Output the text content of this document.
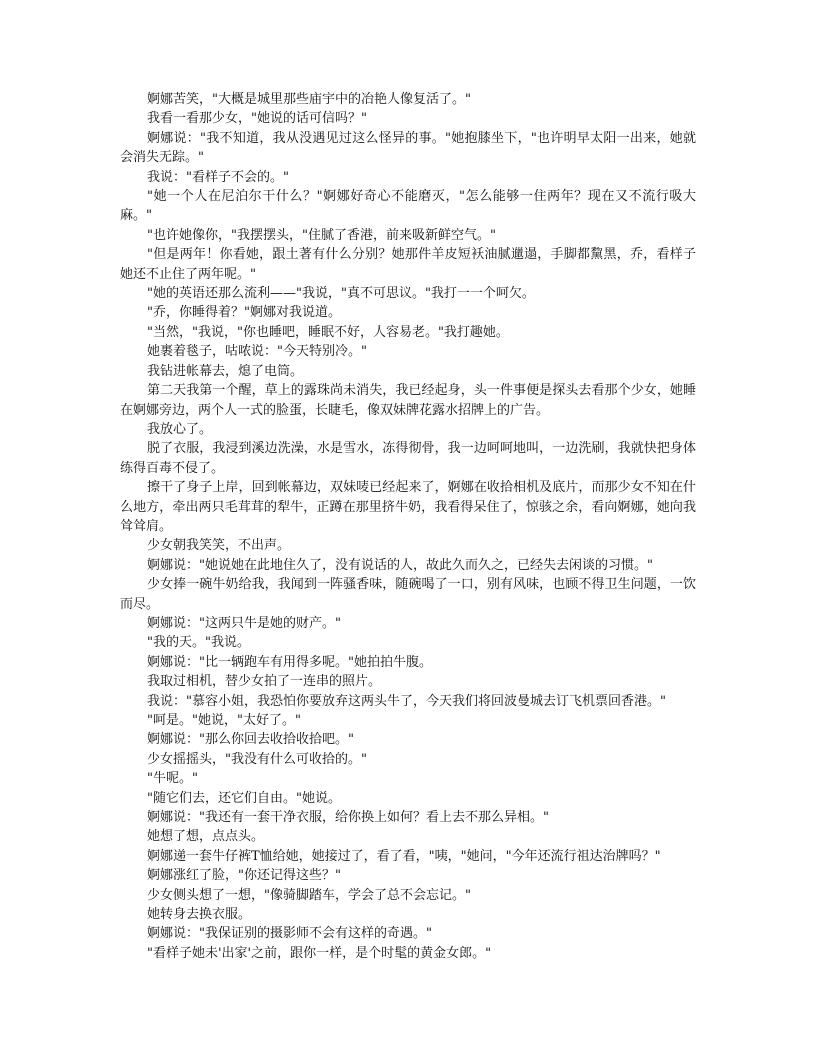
婀娜苦笑，"大概是城里那些庙宇中的冶艳人像复活了。"

我看一看那少女，"她说的话可信吗？"

婀娜说："我不知道，我从没遇见过这么怪异的事。"她抱膝坐下，"也许明早太阳一出来，她就会消失无踪。"

我说："看样子不会的。"

"她一个人在尼泊尔干什么？"婀娜好奇心不能磨灭，"怎么能够一住两年？现在又不流行吸大麻。"

"也许她像你，"我摆摆头，"住腻了香港，前来吸新鲜空气。"

"但是两年！你看她，跟土著有什么分别？她那件羊皮短袄油腻邋遢，手脚都黧黑，乔，看样子她还不止住了两年呢。"

"她的英语还那么流利——"我说，"真不可思议。"我打一一个呵欠。

"乔，你睡得着？"婀娜对我说道。

"当然，"我说，"你也睡吧，睡眠不好，人容易老。"我打趣她。

她裹着毯子，咕哝说："今天特别冷。"

我钻进帐幕去，熄了电筒。

第二天我第一个醒，草上的露珠尚未消失，我已经起身，头一件事便是探头去看那个少女，她睡在婀娜旁边，两个人一式的脸蛋，长睫毛，像双妹牌花露水招牌上的广告。

我放心了。

脱了衣服，我浸到溪边洗澡，水是雪水，冻得彻骨，我一边呵呵地叫，一边洗刷，我就快把身体练得百毒不侵了。

擦干了身子上岸，回到帐幕边，双妹唛已经起来了，婀娜在收拾相机及底片，而那少女不知在什么地方，牵出两只毛茸茸的犁牛，正蹲在那里挤牛奶，我看得呆住了，惊骇之余，看向婀娜，她向我耸耸肩。

少女朝我笑笑，不出声。

婀娜说："她说她在此地住久了，没有说话的人，故此久而久之，已经失去闲谈的习惯。"

少女捧一碗牛奶给我，我闻到一阵骚香味，随碗喝了一口，别有风味，也顾不得卫生问题，一饮而尽。

婀娜说："这两只牛是她的财产。"

"我的天。"我说。

婀娜说："比一辆跑车有用得多呢。"她拍拍牛腹。

我取过相机，替少女拍了一连串的照片。

我说："慕容小姐，我恐怕你要放弃这两头牛了，今天我们将回波曼城去订飞机票回香港。"

"呵是。"她说，"太好了。"

婀娜说："那么你回去收拾收拾吧。"

少女摇摇头，"我没有什么可收拾的。"

"牛呢。"

"随它们去，还它们自由。"她说。

婀娜说："我还有一套干净衣服，给你换上如何？看上去不那么异相。"

她想了想，点点头。

婀娜递一套牛仔裤T恤给她，她接过了，看了看，"咦，"她问，"今年还流行祖达治牌吗？"

婀娜涨红了脸，"你还记得这些？"

少女侧头想了一想，"像骑脚踏车，学会了总不会忘记。"

她转身去换衣服。

婀娜说："我保证别的摄影师不会有这样的奇遇。"

"看样子她未'出家'之前，跟你一样，是个时髦的黄金女郎。"
